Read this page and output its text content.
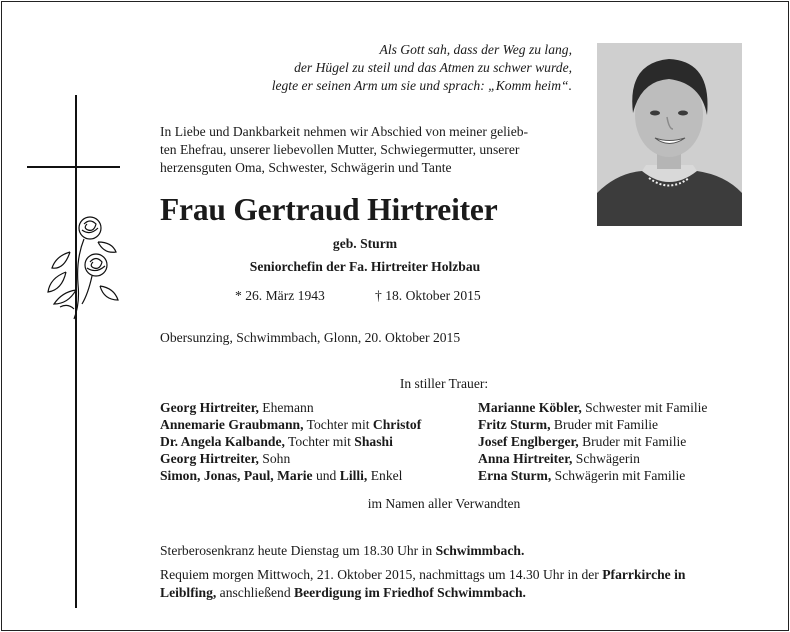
Als Gott sah, dass der Weg zu lang,
der Hügel zu steil und das Atmen zu schwer wurde,
legte er seinen Arm um sie und sprach: „Komm heim“.
In Liebe und Dankbarkeit nehmen wir Abschied von meiner gelieb-
ten Ehefrau, unserer liebevollen Mutter, Schwiegermutter, unserer
herzensguten Oma, Schwester, Schwägerin und Tante
Frau Gertraud Hirtreiter
geb. Sturm
Seniorchefin der Fa. Hirtreiter Holzbau
* 26. März 1943	† 18. Oktober 2015
Obersunzing, Schwimmbach, Glonn, 20. Oktober 2015
In stiller Trauer:
Georg Hirtreiter, Ehemann
Annemarie Graubmann, Tochter mit Christof
Dr. Angela Kalbande, Tochter mit Shashi
Georg Hirtreiter, Sohn
Simon, Jonas, Paul, Marie und Lilli, Enkel
Marianne Köbler, Schwester mit Familie
Fritz Sturm, Bruder mit Familie
Josef Englberger, Bruder mit Familie
Anna Hirtreiter, Schwägerin
Erna Sturm, Schwägerin mit Familie
im Namen aller Verwandten
Sterberosenkranz heute Dienstag um 18.30 Uhr in Schwimmbach.
Requiem morgen Mittwoch, 21. Oktober 2015, nachmittags um 14.30 Uhr in der Pfarrkirche in
Leiblfing, anschließend Beerdigung im Friedhof Schwimmbach.
